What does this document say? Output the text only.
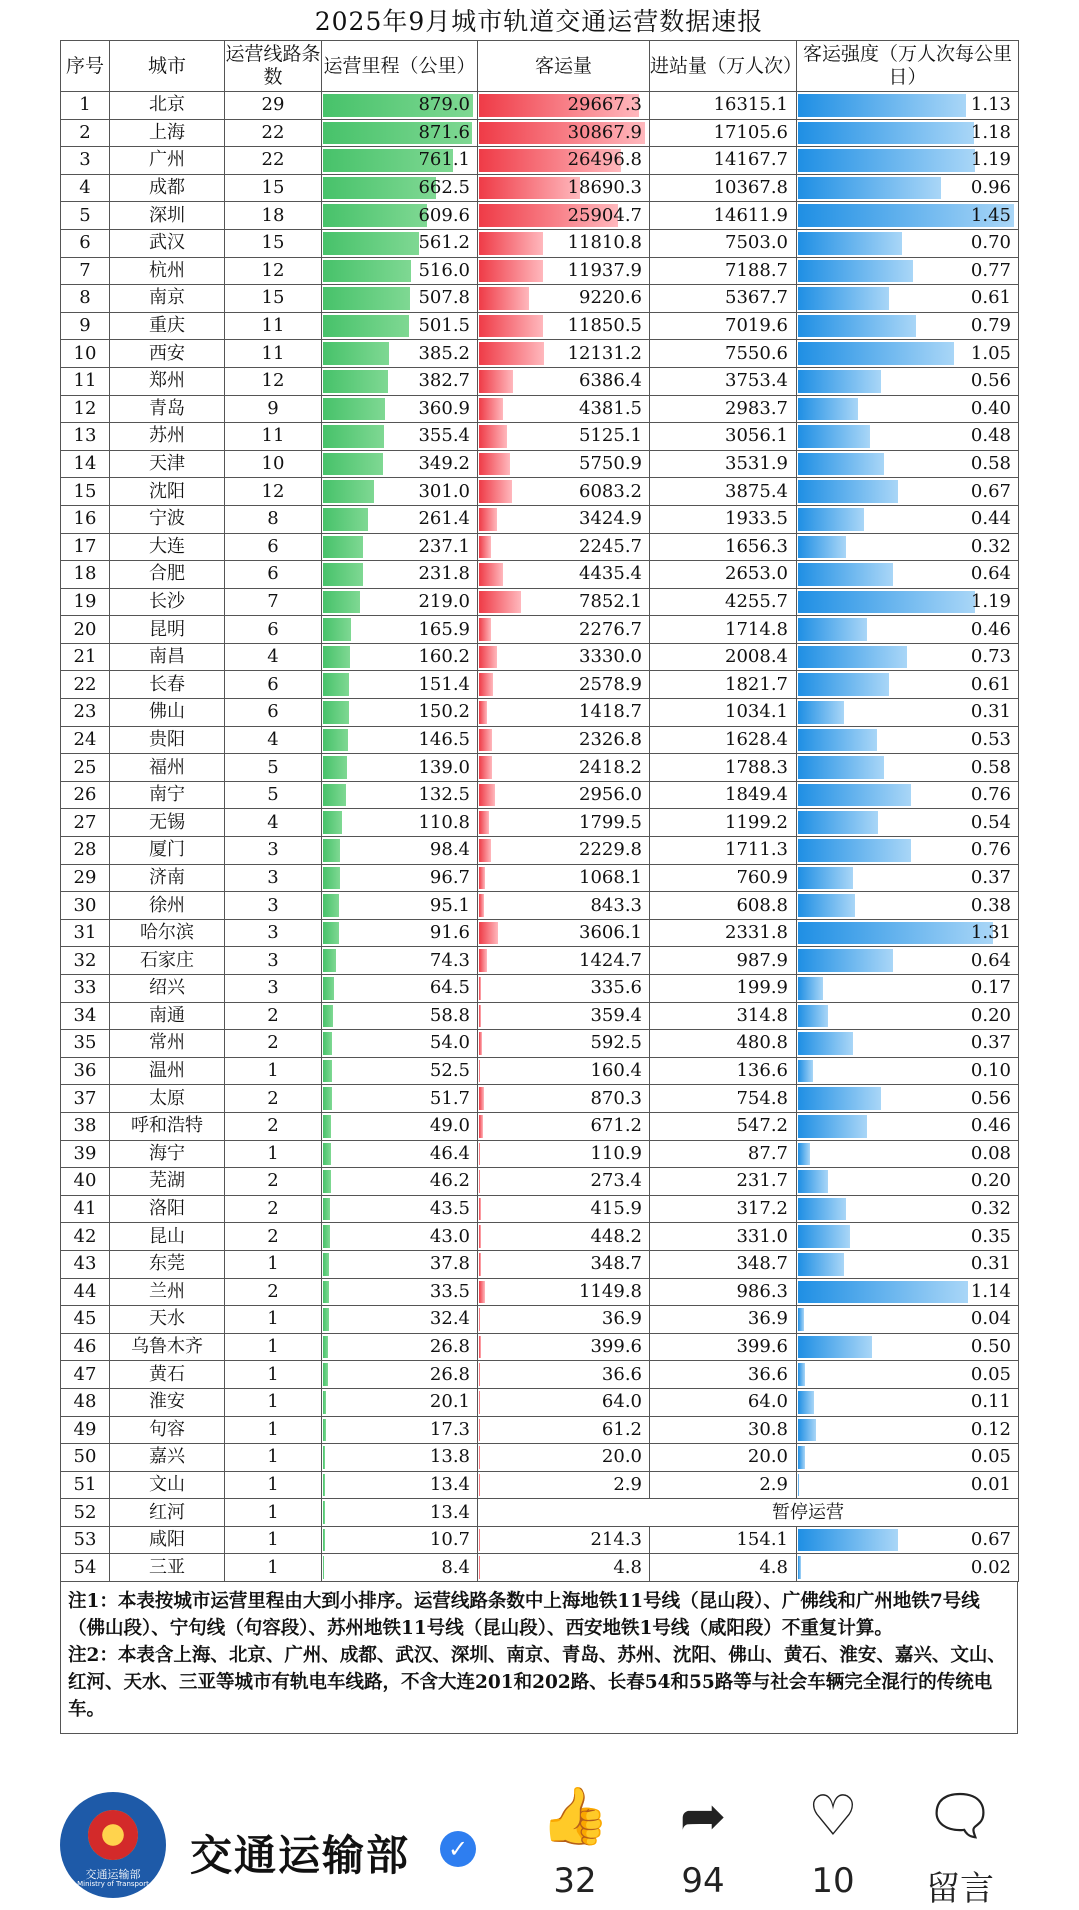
2025年9月城市轨道交通运营数据速报
序号	城市	运营线路条数	运营里程（公里）	客运量	进站量（万人次）	客运强度（万人次每公里日）
1	北京	29	879.0	29667.3	16315.1	1.13
2	上海	22	871.6	30867.9	17105.6	1.18
3	广州	22	761.1	26496.8	14167.7	1.19
4	成都	15	662.5	18690.3	10367.8	0.96
5	深圳	18	609.6	25904.7	14611.9	1.45
6	武汉	15	561.2	11810.8	7503.0	0.70
7	杭州	12	516.0	11937.9	7188.7	0.77
8	南京	15	507.8	9220.6	5367.7	0.61
9	重庆	11	501.5	11850.5	7019.6	0.79
10	西安	11	385.2	12131.2	7550.6	1.05
11	郑州	12	382.7	6386.4	3753.4	0.56
12	青岛	9	360.9	4381.5	2983.7	0.40
13	苏州	11	355.4	5125.1	3056.1	0.48
14	天津	10	349.2	5750.9	3531.9	0.58
15	沈阳	12	301.0	6083.2	3875.4	0.67
16	宁波	8	261.4	3424.9	1933.5	0.44
17	大连	6	237.1	2245.7	1656.3	0.32
18	合肥	6	231.8	4435.4	2653.0	0.64
19	长沙	7	219.0	7852.1	4255.7	1.19
20	昆明	6	165.9	2276.7	1714.8	0.46
21	南昌	4	160.2	3330.0	2008.4	0.73
22	长春	6	151.4	2578.9	1821.7	0.61
23	佛山	6	150.2	1418.7	1034.1	0.31
24	贵阳	4	146.5	2326.8	1628.4	0.53
25	福州	5	139.0	2418.2	1788.3	0.58
26	南宁	5	132.5	2956.0	1849.4	0.76
27	无锡	4	110.8	1799.5	1199.2	0.54
28	厦门	3	98.4	2229.8	1711.3	0.76
29	济南	3	96.7	1068.1	760.9	0.37
30	徐州	3	95.1	843.3	608.8	0.38
31	哈尔滨	3	91.6	3606.1	2331.8	1.31
32	石家庄	3	74.3	1424.7	987.9	0.64
33	绍兴	3	64.5	335.6	199.9	0.17
34	南通	2	58.8	359.4	314.8	0.20
35	常州	2	54.0	592.5	480.8	0.37
36	温州	1	52.5	160.4	136.6	0.10
37	太原	2	51.7	870.3	754.8	0.56
38	呼和浩特	2	49.0	671.2	547.2	0.46
39	海宁	1	46.4	110.9	87.7	0.08
40	芜湖	2	46.2	273.4	231.7	0.20
41	洛阳	2	43.5	415.9	317.2	0.32
42	昆山	2	43.0	448.2	331.0	0.35
43	东莞	1	37.8	348.7	348.7	0.31
44	兰州	2	33.5	1149.8	986.3	1.14
45	天水	1	32.4	36.9	36.9	0.04
46	乌鲁木齐	1	26.8	399.6	399.6	0.50
47	黄石	1	26.8	36.6	36.6	0.05
48	淮安	1	20.1	64.0	64.0	0.11
49	句容	1	17.3	61.2	30.8	0.12
50	嘉兴	1	13.8	20.0	20.0	0.05
51	文山	1	13.4	2.9	2.9	0.01
52	红河	1	13.4	暂停运营		
53	咸阳	1	10.7	214.3	154.1	0.67
54	三亚	1	8.4	4.8	4.8	0.02

注1：本表按城市运营里程由大到小排序。运营线路条数中上海地铁11号线（昆山段）、广佛线和广州地铁7号线（佛山段）、宁句线（句容段）、苏州地铁11号线（昆山段）、西安地铁1号线（咸阳段）不重复计算。

注2：本表含上海、北京、广州、成都、武汉、深圳、南京、青岛、苏州、沈阳、佛山、黄石、淮安、嘉兴、文山、红河、天水、三亚等城市有轨电车线路，不含大连201和202路、长春54和55路等与社会车辆完全混行的传统电车。

交通运输部
Ministry of Transport
交通运输部	✓	👍
32
➦
94
♡
10
🗨
留言
